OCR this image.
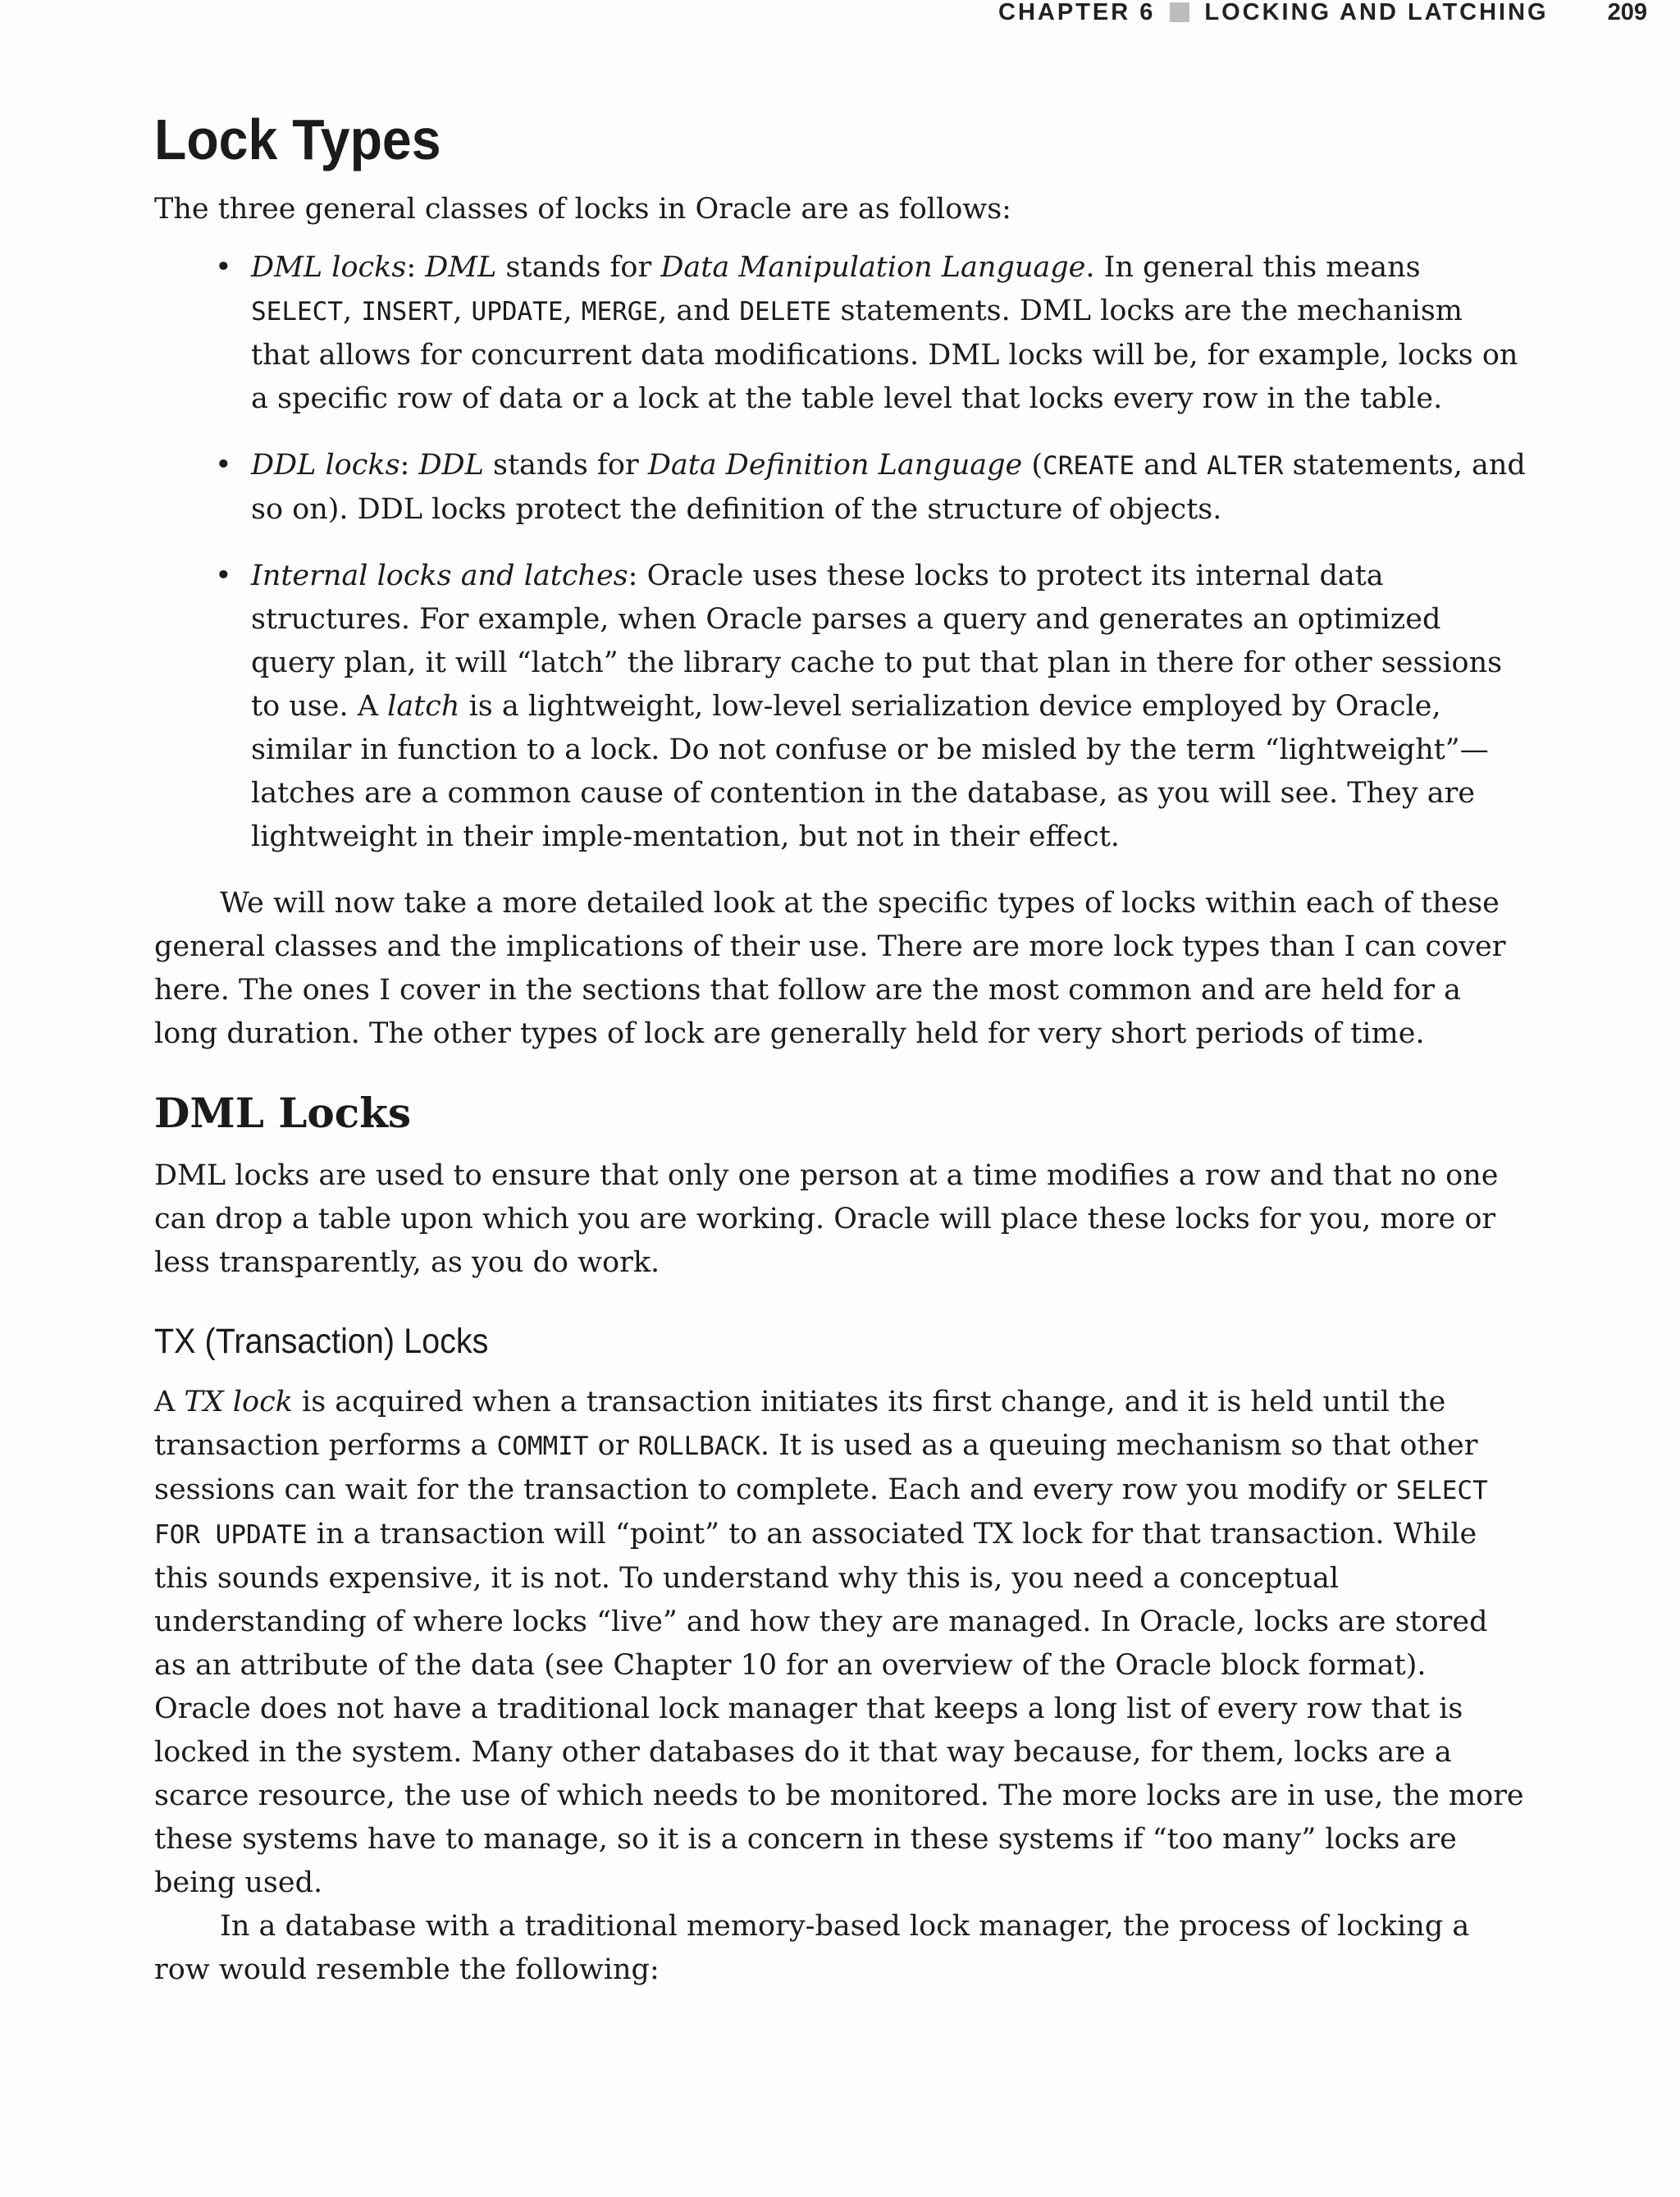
CHAPTER 6 LOCKING AND LATCHING 209
Lock Types

The three general classes of locks in Oracle are as follows:

• DML locks: DML stands for Data Manipulation Language. In general this means SELECT, INSERT, UPDATE, MERGE, and DELETE statements. DML locks are the mechanism that allows for concurrent data modifications. DML locks will be, for example, locks on a specific row of data or a lock at the table level that locks every row in the table.
• DDL locks: DDL stands for Data Definition Language (CREATE and ALTER statements, and so on). DDL locks protect the definition of the structure of objects.
• Internal locks and latches: Oracle uses these locks to protect its internal data structures. For example, when Oracle parses a query and generates an optimized query plan, it will “latch” the library cache to put that plan in there for other sessions to use. A latch is a lightweight, low-level serialization device employed by Oracle, similar in function to a lock. Do not confuse or be misled by the term “lightweight”—latches are a common cause of contention in the database, as you will see. They are lightweight in their imple-mentation, but not in their effect.

We will now take a more detailed look at the specific types of locks within each of these general classes and the implications of their use. There are more lock types than I can cover here. The ones I cover in the sections that follow are the most common and are held for a long duration. The other types of lock are generally held for very short periods of time.

DML Locks

DML locks are used to ensure that only one person at a time modifies a row and that no one can drop a table upon which you are working. Oracle will place these locks for you, more or less transparently, as you do work.

TX (Transaction) Locks

A TX lock is acquired when a transaction initiates its first change, and it is held until the transaction performs a COMMIT or ROLLBACK. It is used as a queuing mechanism so that other sessions can wait for the transaction to complete. Each and every row you modify or SELECT FOR UPDATE in a transaction will “point” to an associated TX lock for that transaction. While this sounds expensive, it is not. To understand why this is, you need a conceptual understanding of where locks “live” and how they are managed. In Oracle, locks are stored as an attribute of the data (see Chapter 10 for an overview of the Oracle block format). Oracle does not have a traditional lock manager that keeps a long list of every row that is locked in the system. Many other databases do it that way because, for them, locks are a scarce resource, the use of which needs to be monitored. The more locks are in use, the more these systems have to manage, so it is a concern in these systems if “too many” locks are being used.

In a database with a traditional memory-based lock manager, the process of locking a row would resemble the following:
